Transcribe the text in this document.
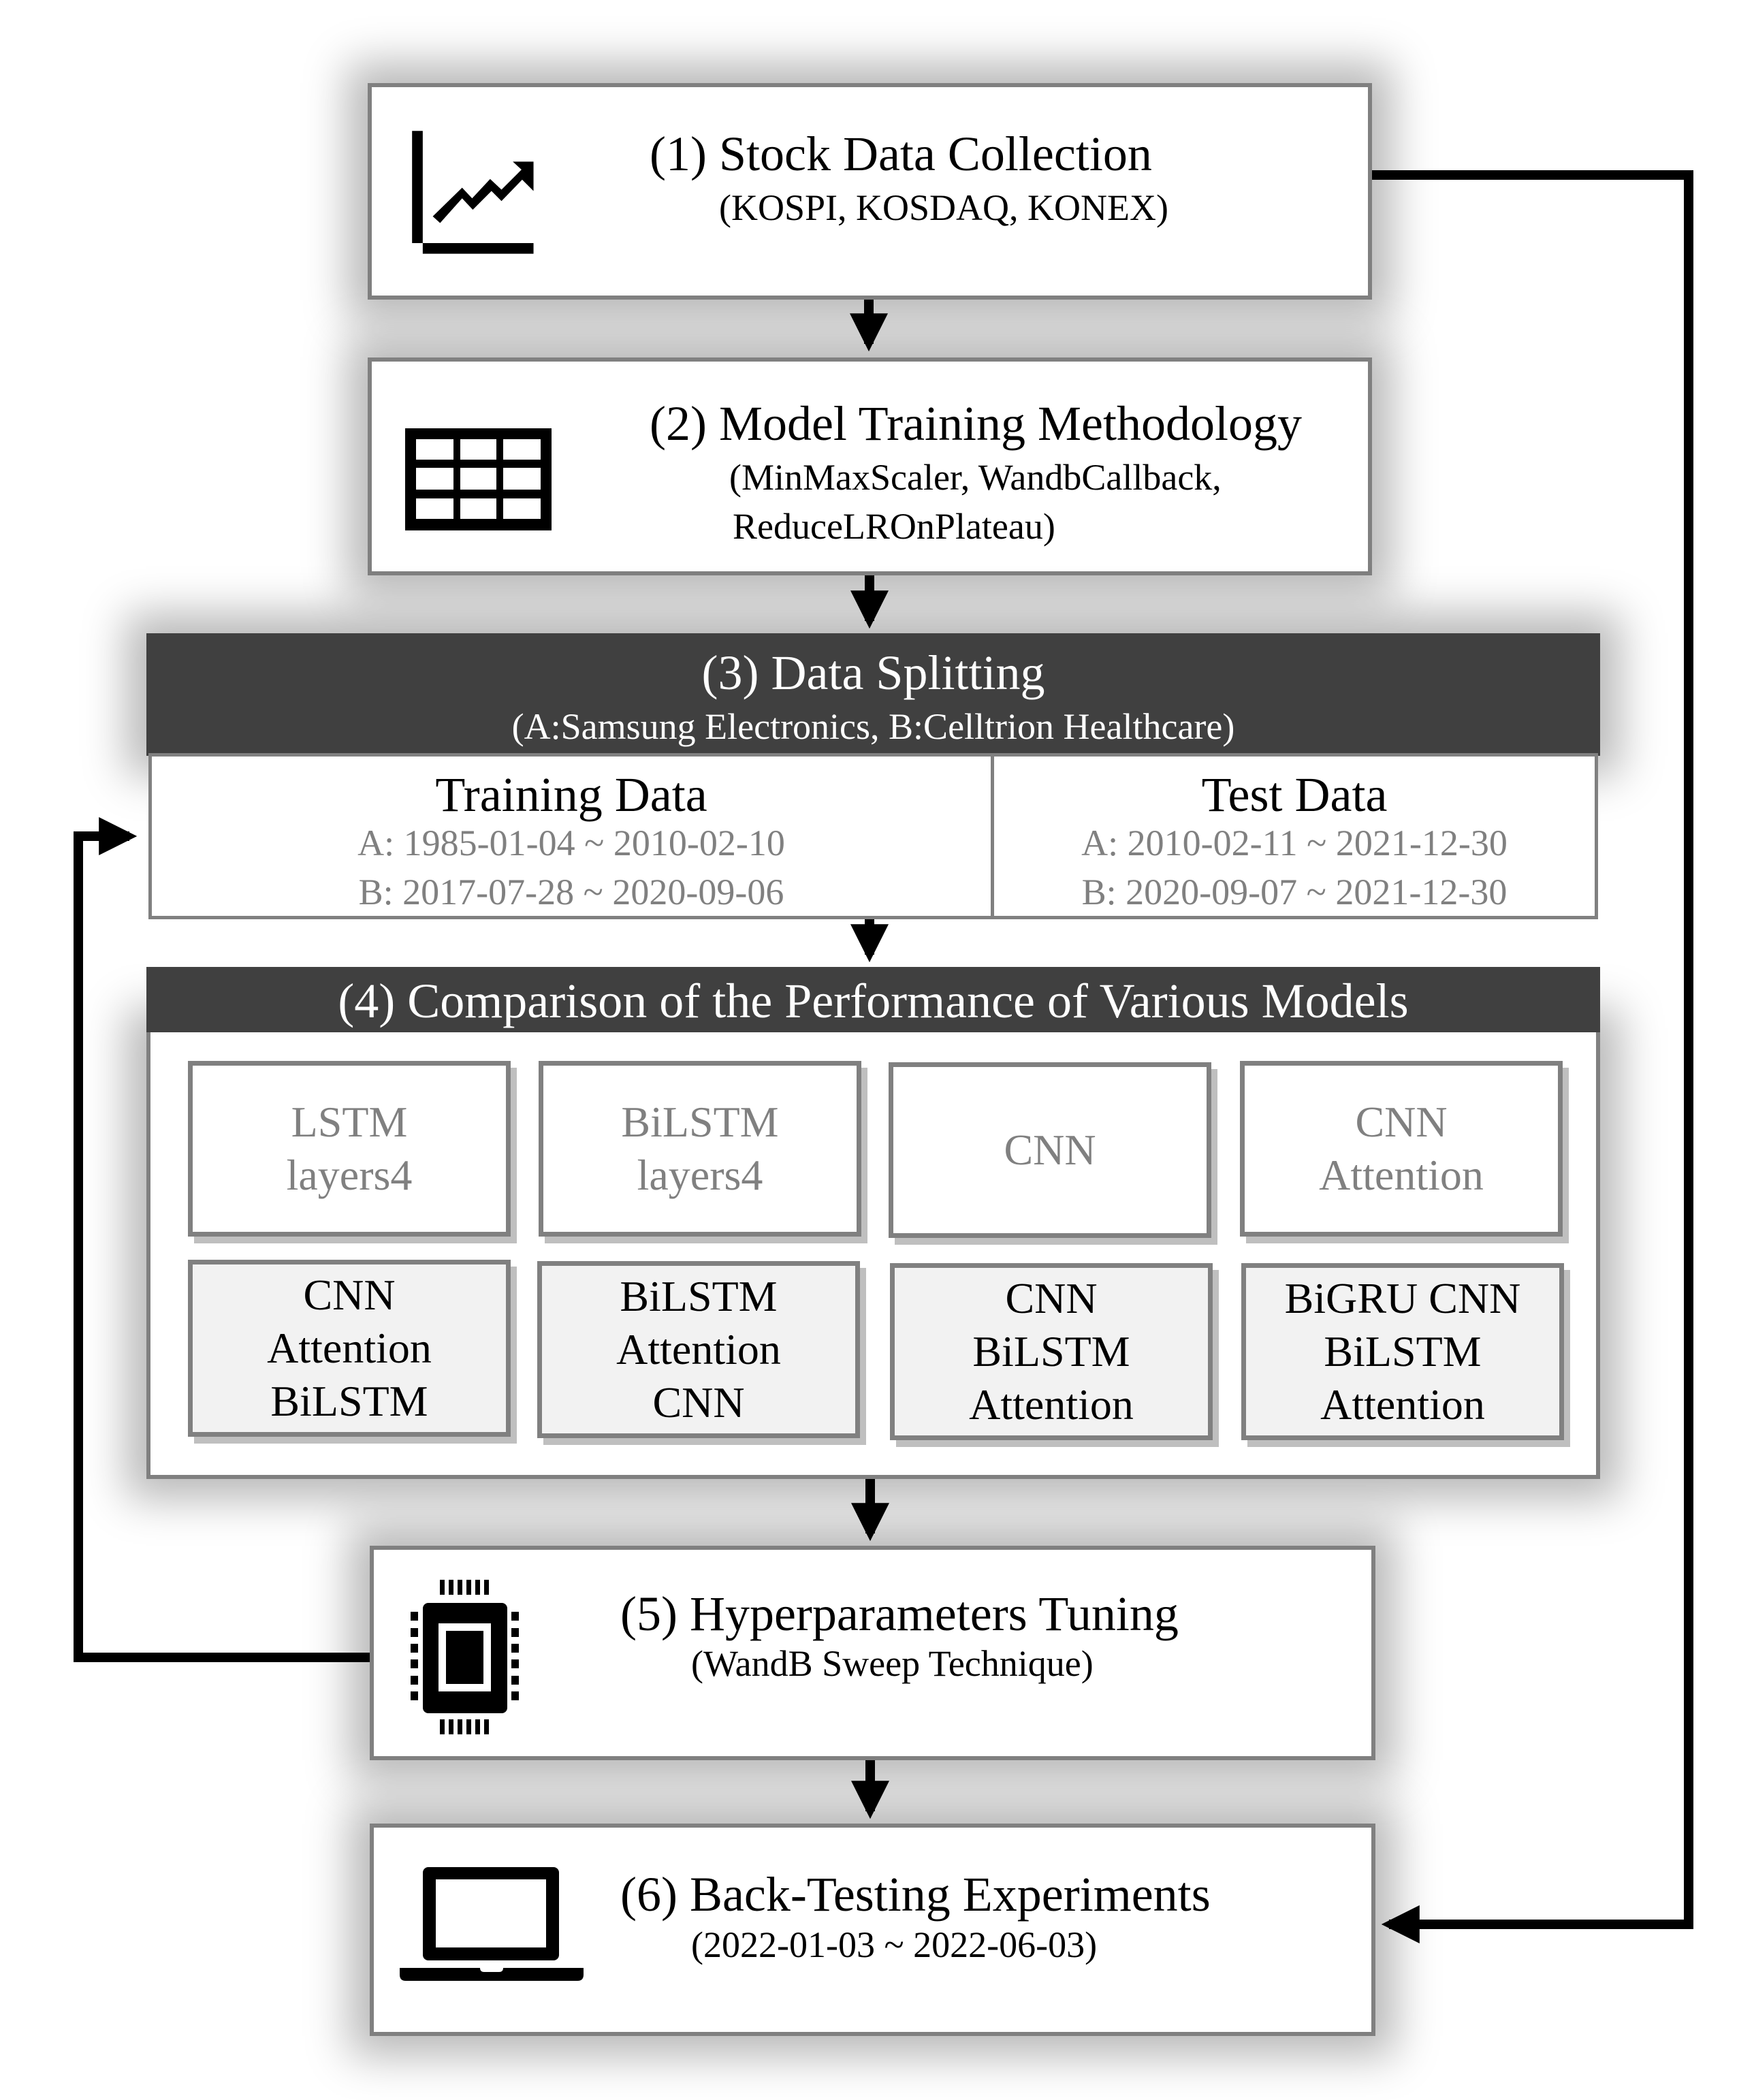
(1) Stock Data Collection
(KOSPI, KOSDAQ, KONEX)
(2) Model Training Methodology
(MinMaxScaler, WandbCallback,
ReduceLROnPlateau)
(3) Data Splitting
(A:Samsung Electronics, B:Celltrion Healthcare)
Training Data
A: 1985-01-04 ~ 2010-02-10
B: 2017-07-28 ~ 2020-09-06
Test Data
A: 2010-02-11 ~ 2021-12-30
B: 2020-09-07 ~ 2021-12-30
(4) Comparison of the Performance of Various Models
LSTM
layers4
BiLSTM
layers4
CNN
CNN
Attention
CNN
Attention
BiLSTM
BiLSTM
Attention
CNN
CNN
BiLSTM
Attention
BiGRU CNN
BiLSTM
Attention
(5) Hyperparameters Tuning
(WandB Sweep Technique)
(6) Back-Testing Experiments
(2022-01-03 ~ 2022-06-03)
